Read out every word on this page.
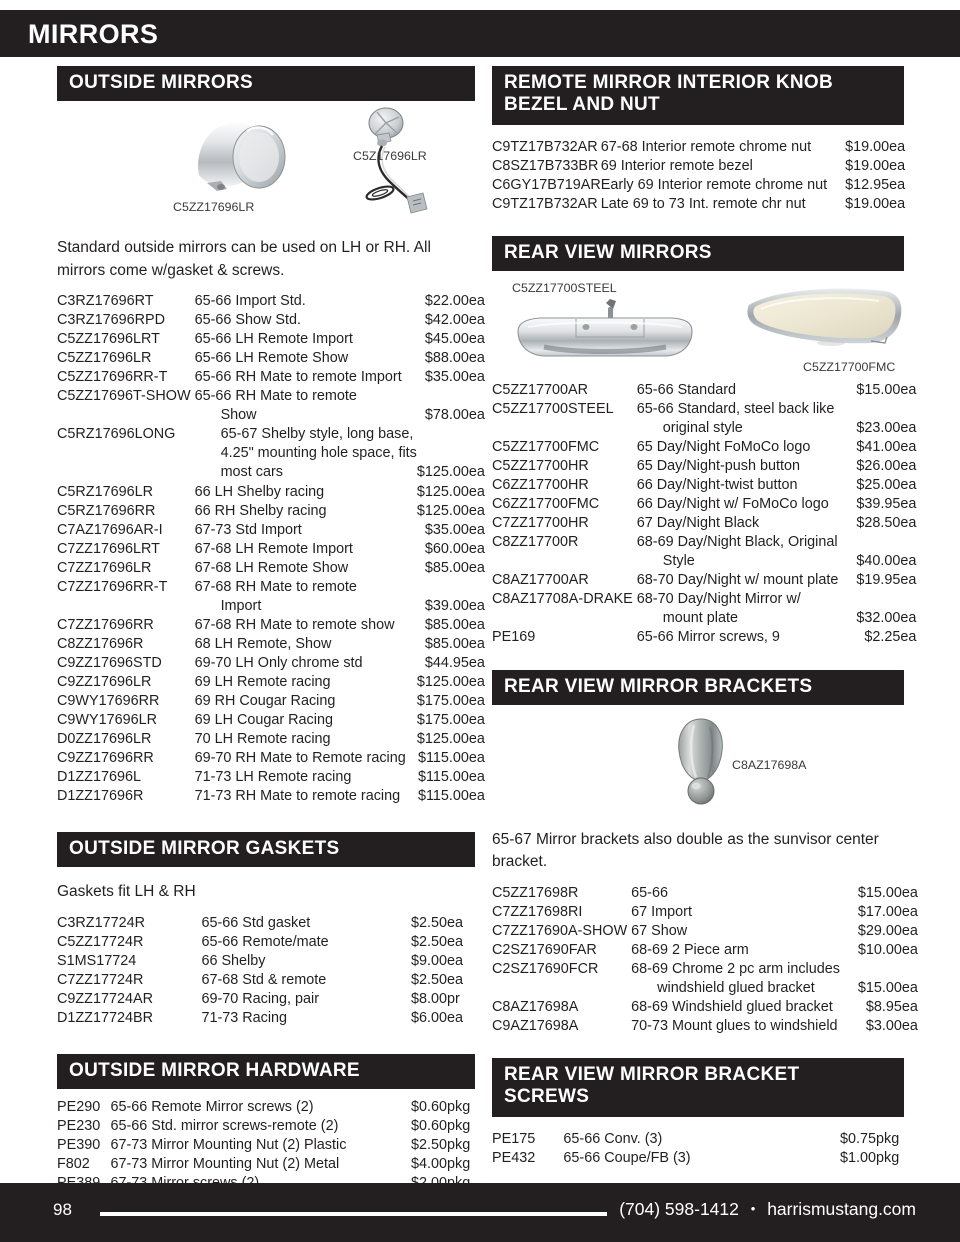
MIRRORS
OUTSIDE MIRRORS
C5ZZ17696LR
C5Z17696LR
Standard outside mirrors can be used on LH or RH. All mirrors come w/gasket & screws.
C3RZ17696RT	65-66 Import Std.	$22.00	ea
C3RZ17696RPD	65-66 Show Std.	$42.00	ea
C5ZZ17696LRT	65-66 LH Remote Import	$45.00	ea
C5ZZ17696LR	65-66 LH Remote Show	$88.00	ea
C5ZZ17696RR-T	65-66 RH Mate to remote Import	$35.00	ea
C5ZZ17696T-SHOW	65-66 RH Mate to remote		
	Show	$78.00	ea
C5RZ17696LONG	65-67 Shelby style, long base,		
	4.25" mounting hole space, fits		
	most cars	$125.00	ea
C5RZ17696LR	66 LH Shelby racing	$125.00	ea
C5RZ17696RR	66 RH Shelby racing	$125.00	ea
C7AZ17696AR-I	67-73 Std Import	$35.00	ea
C7ZZ17696LRT	67-68 LH Remote Import	$60.00	ea
C7ZZ17696LR	67-68 LH Remote Show	$85.00	ea
C7ZZ17696RR-T	67-68 RH Mate to remote		
	Import	$39.00	ea
C7ZZ17696RR	67-68 RH Mate to remote show	$85.00	ea
C8ZZ17696R	68 LH Remote, Show	$85.00	ea
C9ZZ17696STD	69-70 LH Only chrome std	$44.95	ea
C9ZZ17696LR	69 LH Remote racing	$125.00	ea
C9WY17696RR	69 RH Cougar Racing	$175.00	ea
C9WY17696LR	69 LH Cougar Racing	$175.00	ea
D0ZZ17696LR	70 LH Remote racing	$125.00	ea
C9ZZ17696RR	69-70 RH Mate to Remote racing	$115.00	ea
D1ZZ17696L	71-73 LH Remote racing	$115.00	ea
D1ZZ17696R	71-73 RH Mate to remote racing	$115.00	ea
OUTSIDE MIRROR GASKETS
Gaskets fit LH & RH
C3RZ17724R	65-66 Std gasket	$2.50	ea
C5ZZ17724R	65-66 Remote/mate	$2.50	ea
S1MS17724	66 Shelby	$9.00	ea
C7ZZ17724R	67-68 Std & remote	$2.50	ea
C9ZZ17724AR	69-70 Racing, pair	$8.00	pr
D1ZZ17724BR	71-73 Racing	$6.00	ea
OUTSIDE MIRROR HARDWARE
PE290	65-66 Remote Mirror screws (2)	$0.60	pkg
PE230	65-66 Std. mirror screws-remote (2)	$0.60	pkg
PE390	67-73 Mirror Mounting Nut (2) Plastic	$2.50	pkg
F802	67-73 Mirror Mounting Nut (2) Metal	$4.00	pkg

REMOTE MIRROR INTERIOR KNOB
BEZEL AND NUT
C9TZ17B732AR	67-68 Interior remote chrome nut	$19.00	ea
C8SZ17B733BR	69 Interior remote bezel	$19.00	ea
C6GY17B719AR	Early 69 Interior remote chrome nut	$12.95	ea
C9TZ17B732AR	Late 69 to 73 Int. remote chr nut	$19.00	ea
REAR VIEW MIRRORS
C5ZZ17700STEEL
C5ZZ17700FMC
C5ZZ17700AR	65-66 Standard	$15.00	ea
C5ZZ17700STEEL	65-66 Standard, steel back like		
	original style	$23.00	ea
C5ZZ17700FMC	65 Day/Night FoMoCo logo	$41.00	ea
C5ZZ17700HR	65 Day/Night-push button	$26.00	ea
C6ZZ17700HR	66 Day/Night-twist button	$25.00	ea
C6ZZ17700FMC	66 Day/Night w/ FoMoCo logo	$39.95	ea
C7ZZ17700HR	67 Day/Night Black	$28.50	ea
C8ZZ17700R	68-69 Day/Night Black, Original		
	Style	$40.00	ea
C8AZ17700AR	68-70 Day/Night w/ mount plate	$19.95	ea
C8AZ17708A-DRAKE	68-70 Day/Night Mirror w/		
	mount plate	$32.00	ea
PE169	65-66 Mirror screws, 9	$2.25	ea
REAR VIEW MIRROR BRACKETS
C8AZ17698A
65-67 Mirror brackets also double as the sunvisor center bracket.
C5ZZ17698R	65-66	$15.00	ea
C7ZZ17698RI	67 Import	$17.00	ea
C7ZZ17690A-SHOW	67 Show	$29.00	ea
C2SZ17690FAR	68-69 2 Piece arm	$10.00	ea
C2SZ17690FCR	68-69 Chrome 2 pc arm includes		
	windshield glued bracket	$15.00	ea
C8AZ17698A	68-69 Windshield glued bracket	$8.95	ea
C9AZ17698A	70-73 Mount glues to windshield	$3.00	ea
REAR VIEW MIRROR BRACKET
SCREWS
PE175	65-66 Conv. (3)	$0.75	pkg
PE432	65-66 Coupe/FB (3)	$1.00	pkg
98	(704) 598-1412 • harrismustang.com
